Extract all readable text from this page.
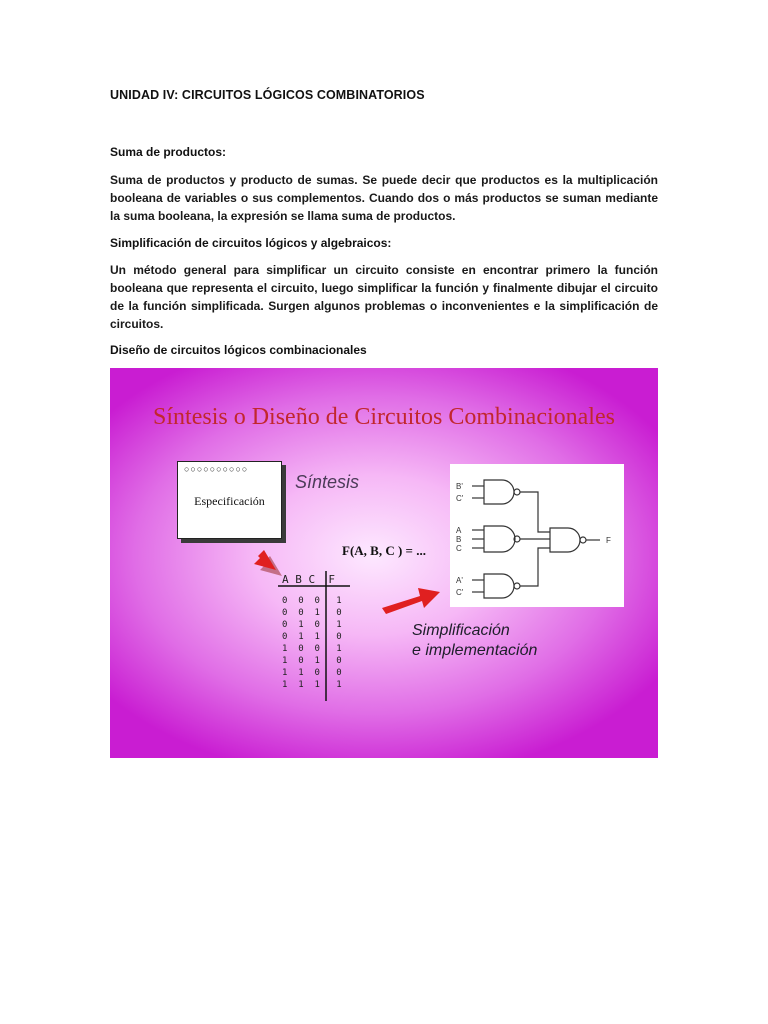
UNIDAD IV: CIRCUITOS LÓGICOS COMBINATORIOS
Suma de productos:
Suma de productos y producto de sumas. Se puede decir que productos es la multiplicación booleana de variables o sus complementos. Cuando dos o más productos se suman mediante la suma booleana, la expresión se llama suma de productos.
Simplificación de circuitos lógicos y algebraicos:
Un método general para simplificar un circuito consiste en encontrar primero la función booleana que representa el circuito, luego simplificar la función y finalmente dibujar el circuito de la función simplificada. Surgen algunos problemas o inconvenientes e la simplificación de circuitos.
Diseño de circuitos lógicos combinacionales
Síntesis o Diseño de Circuitos Combinacionales
○○○○○○○○○○
Especificación
Síntesis
F(A, B, C ) = ...
A B C F
0 0 0 1
0 0 1 0
0 1 0 1
0 1 1 0
1 0 0 1
1 0 1 0
1 1 0 0
1 1 1 1
B'
C'
A
B
C
A'
C'
F
Simplificación
e implementación
